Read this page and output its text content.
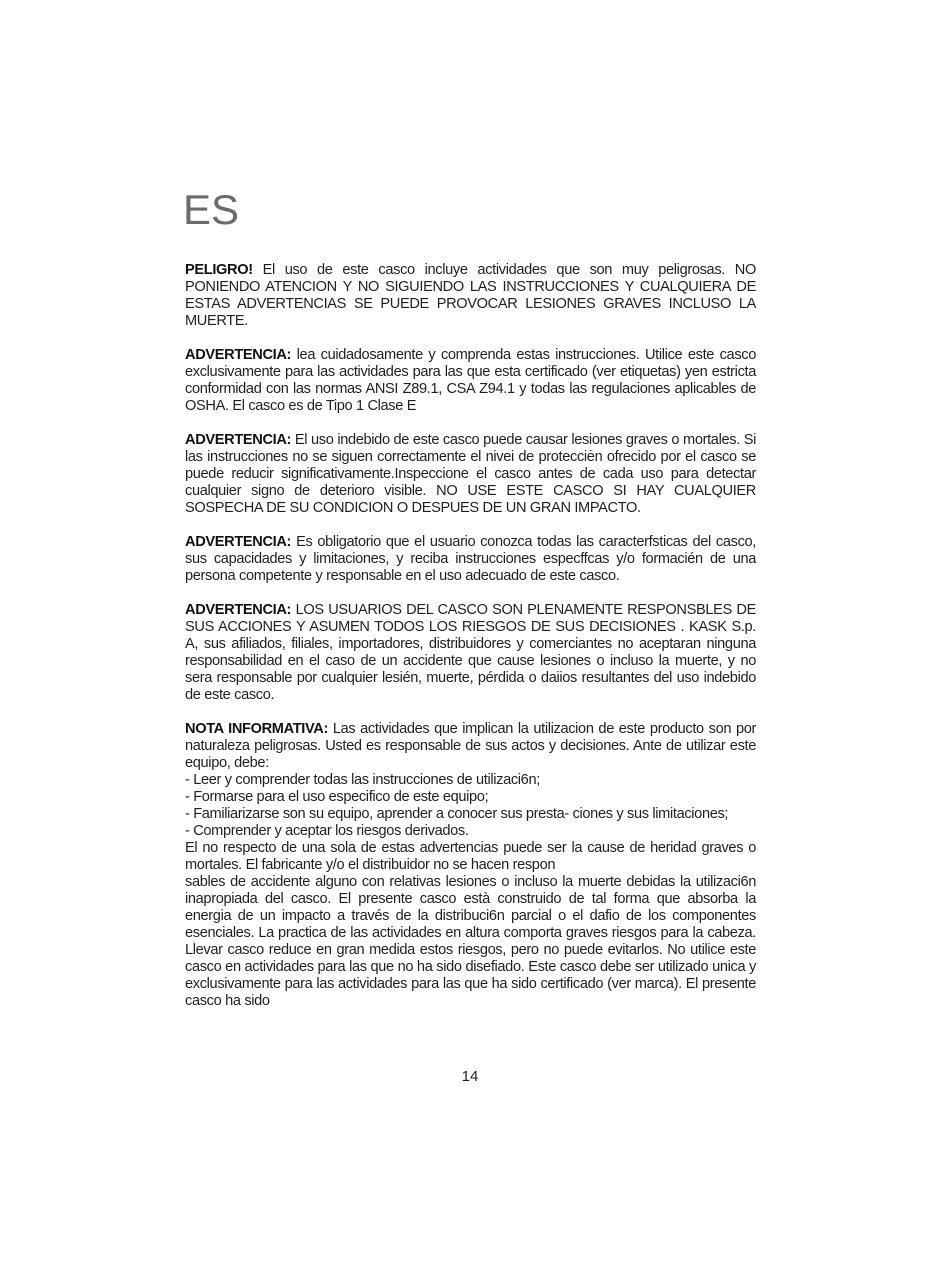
ES

PELIGRO! El uso de este casco incluye actividades que son muy peligrosas. NO PONIENDO ATENCION Y NO SIGUIENDO LAS INSTRUCCIONES Y CUALQUIERA DE ESTAS ADVERTENCIAS SE PUEDE PROVOCAR LESIONES GRAVES INCLUSO LA MUERTE.

ADVERTENCIA: lea cuidadosamente y comprenda estas instrucciones. Utilice este casco exclusivamente para las actividades para las que esta certificado (ver etiquetas) yen estricta conformidad con las normas ANSI Z89.1, CSA Z94.1 y todas las regulaciones aplicables de OSHA. El casco es de Tipo 1 Clase E

ADVERTENCIA: El uso indebido de este casco puede causar lesiones graves o mortales. Si las instrucciones no se siguen correctamente el nivei de protecciėn ofrecido por el casco se puede reducir significativamente.Inspeccione el casco antes de cada uso para detectar cualquier signo de deterioro visible. NO USE ESTE CASCO SI HAY CUALQUIER SOSPECHA DE SU CONDICION O DESPUES DE UN GRAN IMPACTO.

ADVERTENCIA: Es obligatorio que el usuario conozca todas las caracterfsticas del casco, sus capacidades y limitaciones, y reciba instrucciones especffcas y/o formacién de una persona competente y responsable en el uso adecuado de este casco.

ADVERTENCIA: LOS USUARIOS DEL CASCO SON PLENAMENTE RESPONSBLES DE SUS ACCIONES Y ASUMEN TODOS LOS RIESGOS DE SUS DECISIONES . KASK S.p. A, sus afiliados, filiales, importadores, distribuidores y comerciantes no aceptaran ninguna responsabilidad en el caso de un accidente que cause lesiones o incluso la muerte, y no sera responsable por cualquier lesién, muerte, pérdida o daiios resultantes del uso indebido de este casco.

NOTA INFORMATIVA: Las actividades que implican la utilizacion de este producto son por naturaleza peligrosas. Usted es responsable de sus actos y decisiones. Ante de utilizar este equipo, debe:

- Leer y comprender todas las instrucciones de utilizaci6n;

- Formarse para el uso especifico de este equipo;

- Familiarizarse son su equipo, aprender a conocer sus presta- ciones y sus limitaciones;

- Comprender y aceptar los riesgos derivados.

El no respecto de una sola de estas advertencias puede ser la cause de heridad graves o mortales. El fabricante y/o el distribuidor no se hacen respon

sables de accidente alguno con relativas lesiones o incluso la muerte debidas la utilizaci6n inapropiada del casco. El presente casco està construido de tal forma que absorba la energia de un impacto a través de la distribuci6n parcial o el dafio de los componentes esenciales. La practica de las actividades en altura comporta graves riesgos para la cabeza. Llevar casco reduce en gran medida estos riesgos, pero no puede evitarlos. No utilice este casco en actividades para las que no ha sido disefiado. Este casco debe ser utilizado unica y exclusivamente para las actividades para las que ha sido certificado (ver marca). El presente casco ha sido

14
